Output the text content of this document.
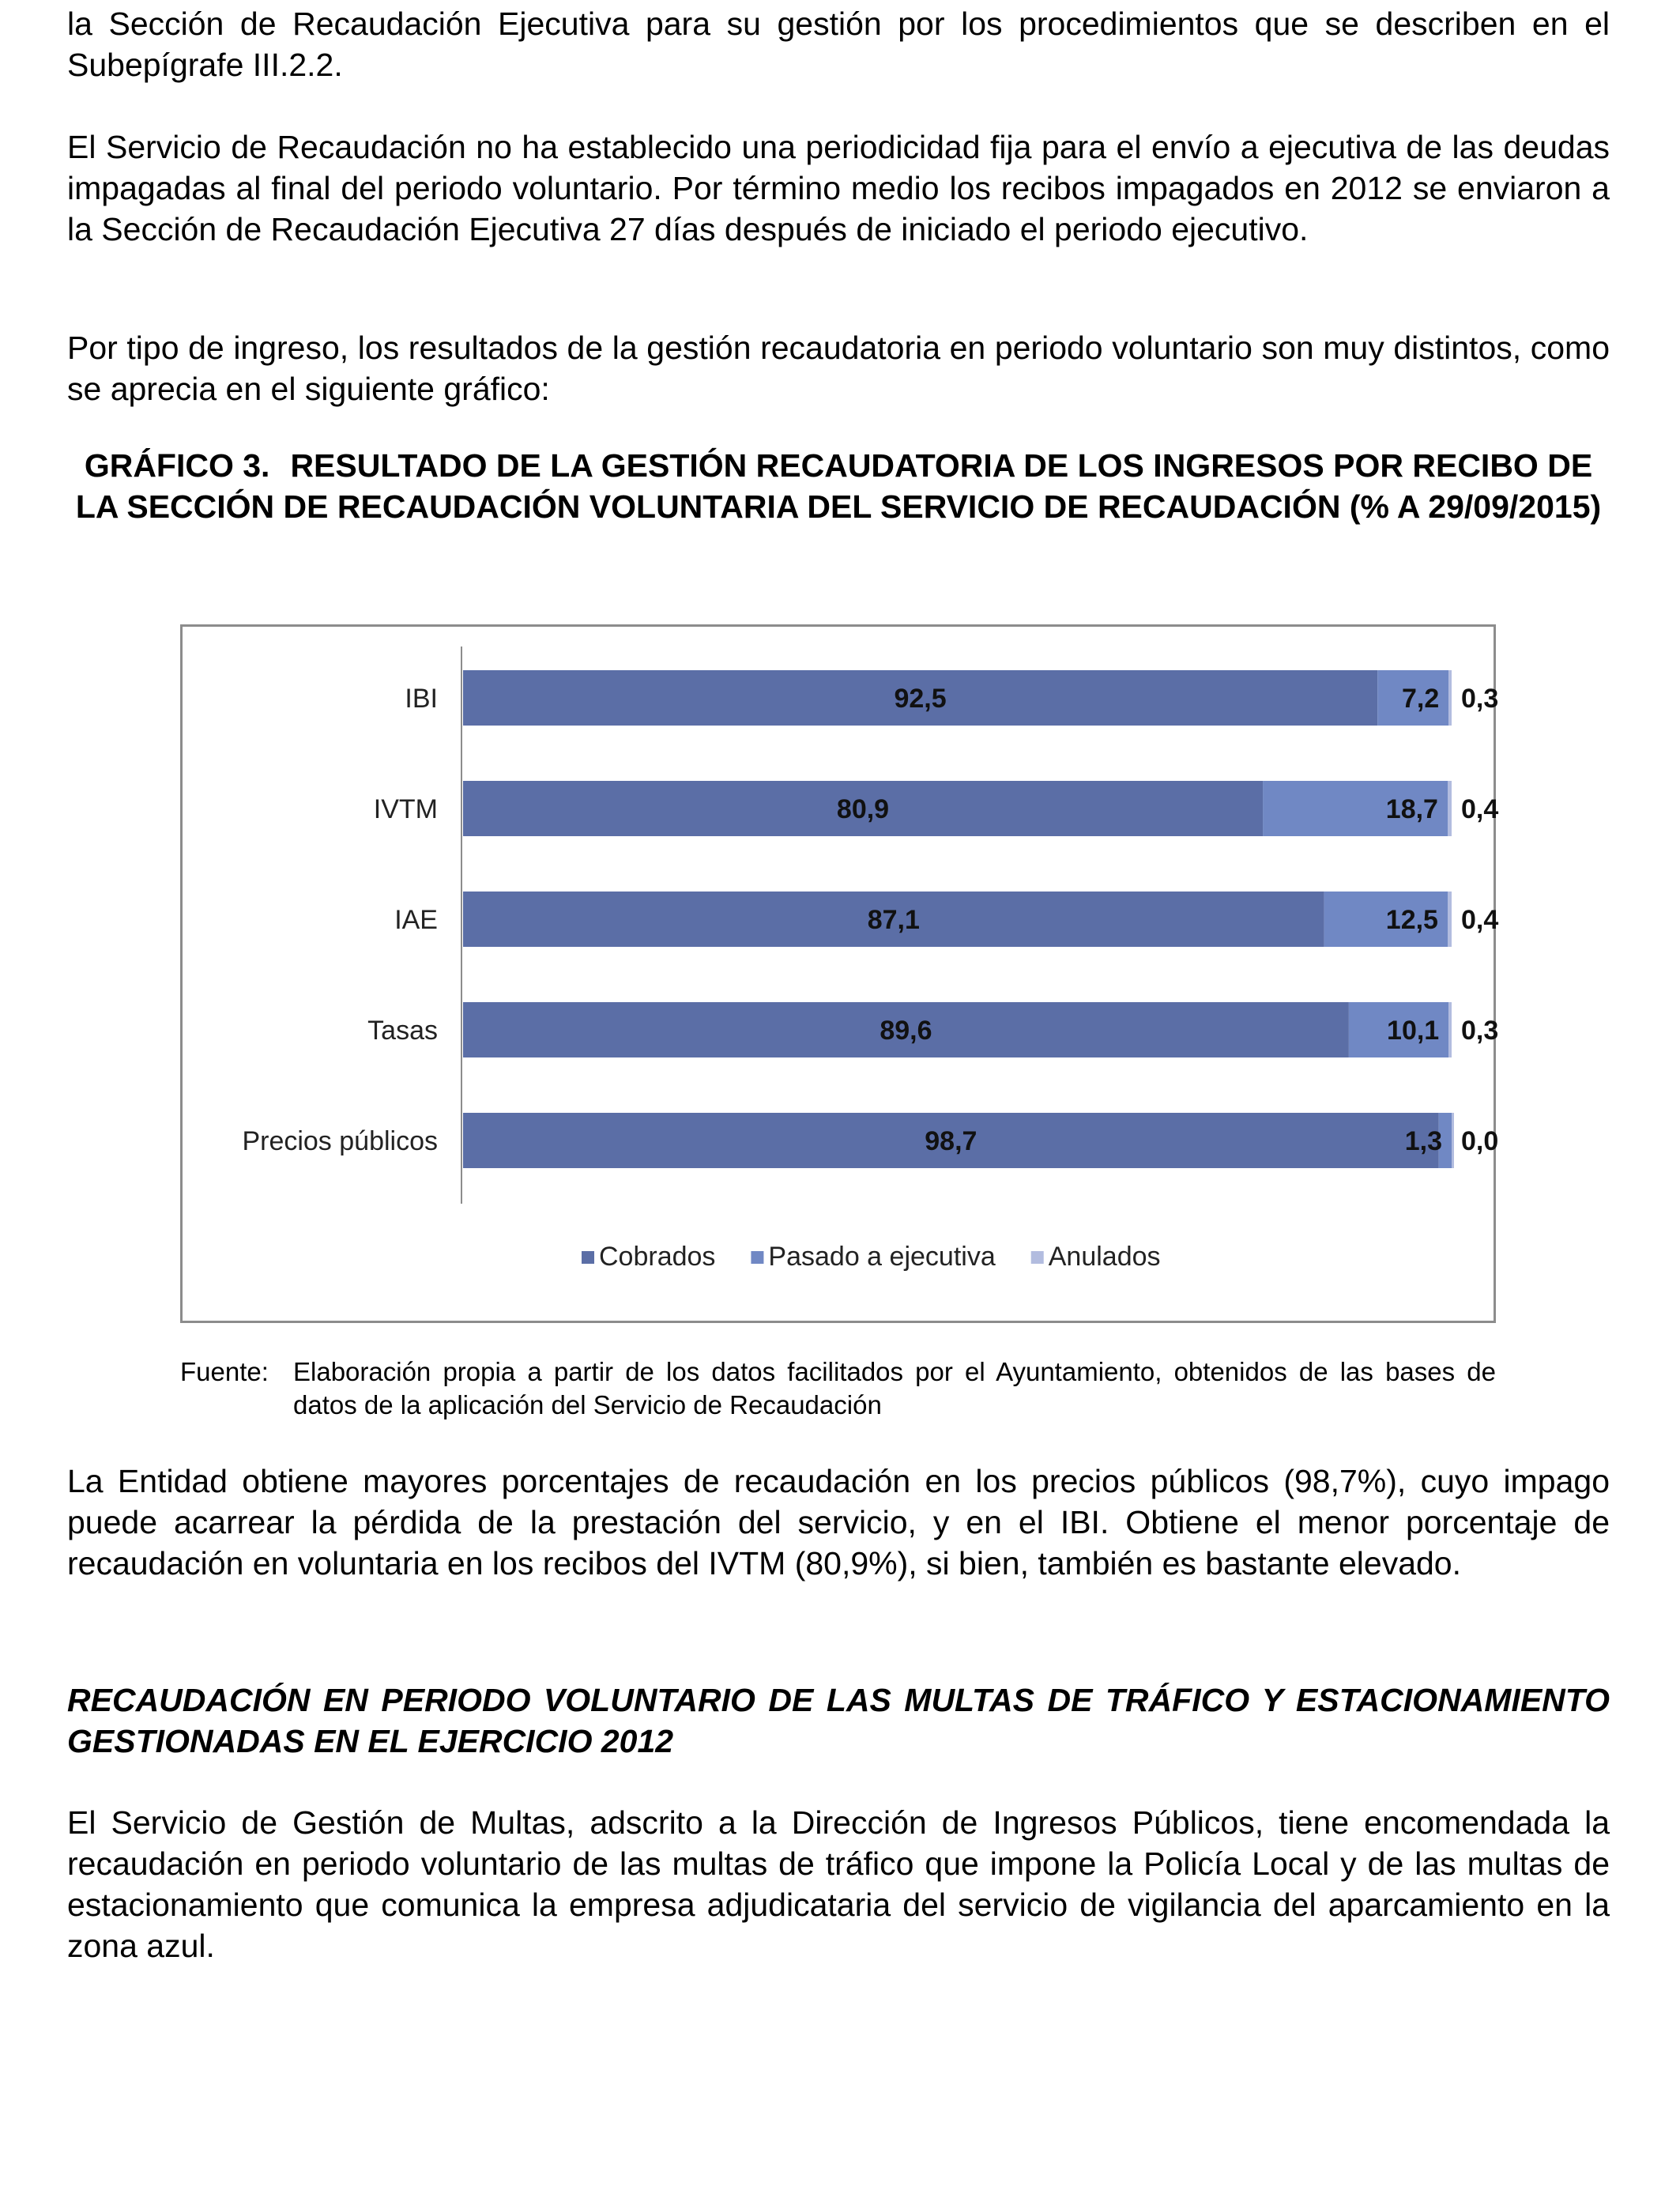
la Sección de Recaudación Ejecutiva para su gestión por los procedimientos que se describen en el Subepígrafe III.2.2.

El Servicio de Recaudación no ha establecido una periodicidad fija para el envío a ejecutiva de las deudas impagadas al final del periodo voluntario. Por término medio los recibos impagados en 2012 se enviaron a la Sección de Recaudación Ejecutiva 27 días después de iniciado el periodo ejecutivo.

Por tipo de ingreso, los resultados de la gestión recaudatoria en periodo voluntario son muy distintos, como se aprecia en el siguiente gráfico:

GRÁFICO 3. RESULTADO DE LA GESTIÓN RECAUDATORIA DE LOS INGRESOS POR RECIBO DE LA SECCIÓN DE RECAUDACIÓN VOLUNTARIA DEL SERVICIO DE RECAUDACIÓN (% A 29/09/2015)

IBI	92,5	7,2 0,3
IVTM	80,9	18,7 0,4
IAE	87,1	12,5 0,4
Tasas	89,6	10,1 0,3
Precios públicos	98,7	1,3 0,0
Cobrados Pasado a ejecutiva Anulados
Fuente: Elaboración propia a partir de los datos facilitados por el Ayuntamiento, obtenidos de las bases de datos de la aplicación del Servicio de Recaudación

La Entidad obtiene mayores porcentajes de recaudación en los precios públicos (98,7%), cuyo impago puede acarrear la pérdida de la prestación del servicio, y en el IBI. Obtiene el menor porcentaje de recaudación en voluntaria en los recibos del IVTM (80,9%), si bien, también es bastante elevado.

RECAUDACIÓN EN PERIODO VOLUNTARIO DE LAS MULTAS DE TRÁFICO Y ESTACIONAMIENTO GESTIONADAS EN EL EJERCICIO 2012

El Servicio de Gestión de Multas, adscrito a la Dirección de Ingresos Públicos, tiene encomendada la recaudación en periodo voluntario de las multas de tráfico que impone la Policía Local y de las multas de estacionamiento que comunica la empresa adjudicataria del servicio de vigilancia del aparcamiento en la zona azul.
